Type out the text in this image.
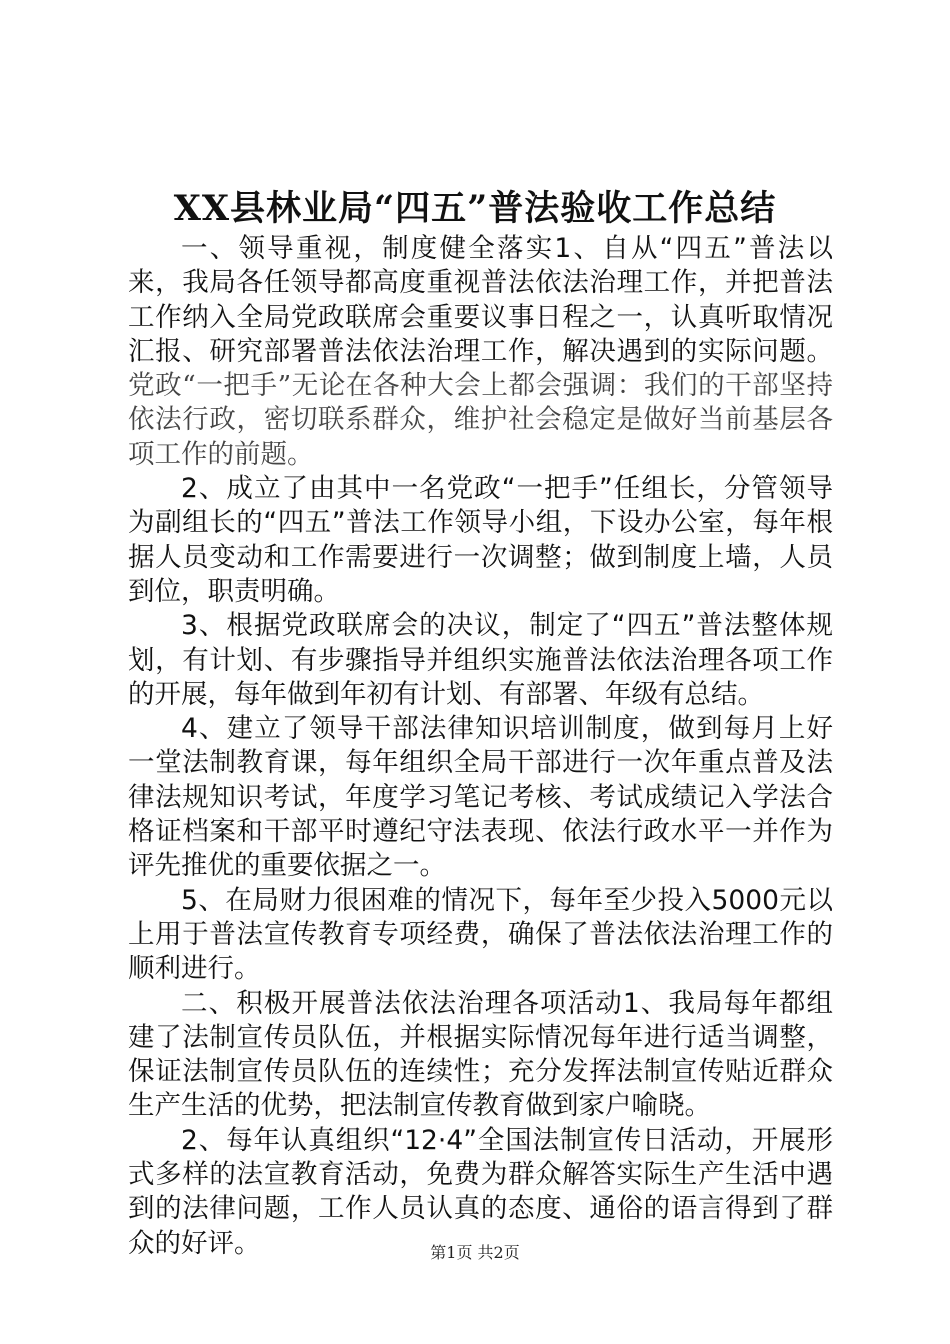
XX县林业局“四五”普法验收工作总结

一、领导重视，制度健全落实1、自从“四五”普法以来，我局各任领导都高度重视普法依法治理工作，并把普法工作纳入全局党政联席会重要议事日程之一，认真听取情况汇报、研究部署普法依法治理工作，解决遇到的实际问题。党政“一把手”无论在各种大会上都会强调：我们的干部坚持依法行政，密切联系群众，维护社会稳定是做好当前基层各项工作的前题。

2、成立了由其中一名党政“一把手”任组长，分管领导为副组长的“四五”普法工作领导小组，下设办公室，每年根据人员变动和工作需要进行一次调整；做到制度上墙，人员到位，职责明确。

3、根据党政联席会的决议，制定了“四五”普法整体规划，有计划、有步骤指导并组织实施普法依法治理各项工作的开展，每年做到年初有计划、有部署、年级有总结。

4、建立了领导干部法律知识培训制度，做到每月上好一堂法制教育课，每年组织全局干部进行一次年重点普及法律法规知识考试，年度学习笔记考核、考试成绩记入学法合格证档案和干部平时遵纪守法表现、依法行政水平一并作为评先推优的重要依据之一。

5、在局财力很困难的情况下，每年至少投入5000元以上用于普法宣传教育专项经费，确保了普法依法治理工作的顺利进行。

二、积极开展普法依法治理各项活动1、我局每年都组建了法制宣传员队伍，并根据实际情况每年进行适当调整，保证法制宣传员队伍的连续性；充分发挥法制宣传贴近群众生产生活的优势，把法制宣传教育做到家户喻晓。

2、每年认真组织“12·4”全国法制宣传日活动，开展形式多样的法宣教育活动，免费为群众解答实际生产生活中遇到的法律问题，工作人员认真的态度、通俗的语言得到了群众的好评。	第1页 共2页
